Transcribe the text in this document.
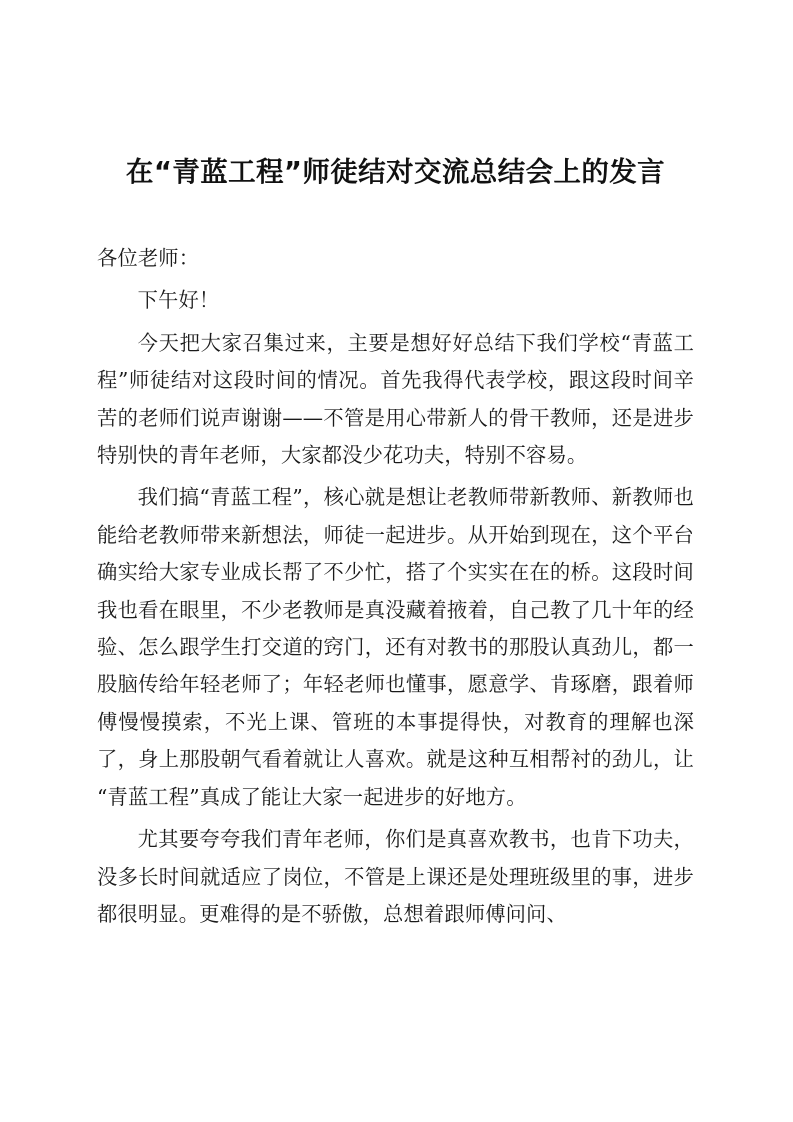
在“青蓝工程”师徒结对交流总结会上的发言

各位老师：

下午好！

今天把大家召集过来，主要是想好好总结下我们学校“青蓝工程”师徒结对这段时间的情况。首先我得代表学校，跟这段时间辛苦的老师们说声谢谢——不管是用心带新人的骨干教师，还是进步特别快的青年老师，大家都没少花功夫，特别不容易。

我们搞“青蓝工程”，核心就是想让老教师带新教师、新教师也能给老教师带来新想法，师徒一起进步。从开始到现在，这个平台确实给大家专业成长帮了不少忙，搭了个实实在在的桥。这段时间我也看在眼里，不少老教师是真没藏着掖着，自己教了几十年的经验、怎么跟学生打交道的窍门，还有对教书的那股认真劲儿，都一股脑传给年轻老师了；年轻老师也懂事，愿意学、肯琢磨，跟着师傅慢慢摸索，不光上课、管班的本事提得快，对教育的理解也深了，身上那股朝气看着就让人喜欢。就是这种互相帮衬的劲儿，让“青蓝工程”真成了能让大家一起进步的好地方。

尤其要夸夸我们青年老师，你们是真喜欢教书，也肯下功夫，没多长时间就适应了岗位，不管是上课还是处理班级里的事，进步都很明显。更难得的是不骄傲，总想着跟师傅问问、
